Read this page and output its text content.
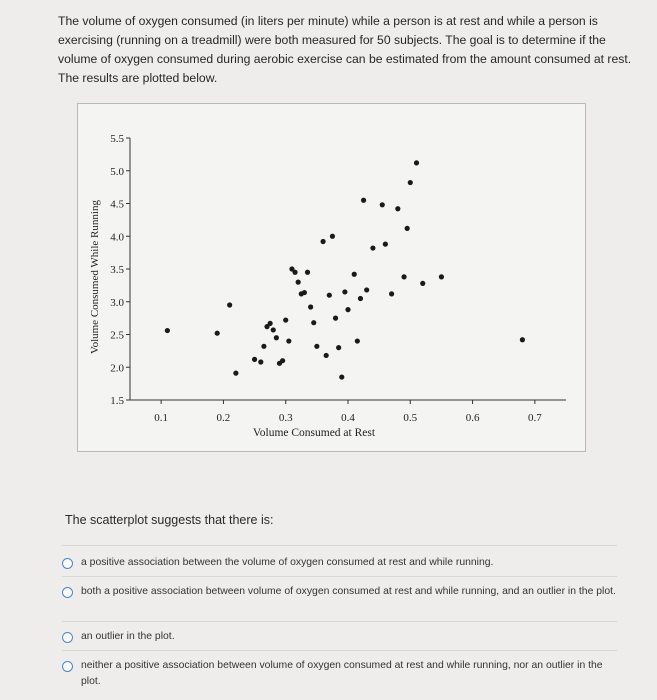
The volume of oxygen consumed (in liters per minute) while a person is at rest and while a person is exercising (running on a treadmill) were both measured for 50 subjects. The goal is to determine if the volume of oxygen consumed during aerobic exercise can be estimated from the amount consumed at rest. The results are plotted below.
5.5
5.0
4.5
4.0
3.5
3.0
2.5
2.0
1.5
0.1	0.2	0.3	0.4	0.5	0.6	0.7
Volume Consumed at Rest
Volume Consumed While Running
The scatterplot suggests that there is:
a positive association between the volume of oxygen consumed at rest and while running.
both a positive association between volume of oxygen consumed at rest and while running, and an outlier in the plot.
an outlier in the plot.
neither a positive association between volume of oxygen consumed at rest and while running, nor an outlier in the plot.
